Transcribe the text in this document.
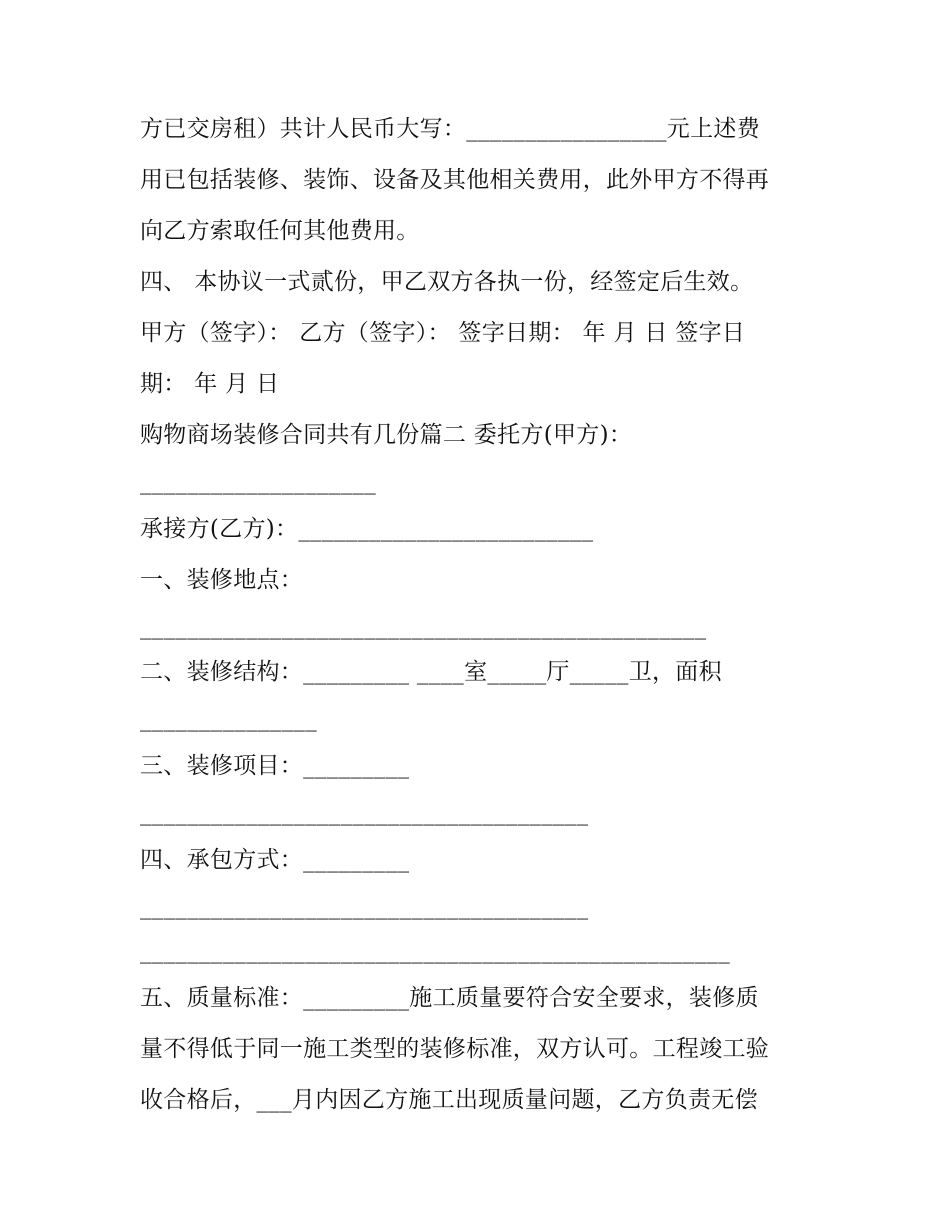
方已交房租）共计人民币大写：_________________元上述费
用已包括装修、装饰、设备及其他相关费用，此外甲方不得再
向乙方索取任何其他费用。
四、 本协议一式贰份，甲乙双方各执一份，经签定后生效。
甲方（签字）： 乙方（签字）： 签字日期： 年 月 日 签字日
期： 年 月 日
购物商场装修合同共有几份篇二 委托方(甲方)：
____________________
承接方(乙方)：_________________________
一、装修地点：
________________________________________________
二、装修结构：_________ ____室_____厅_____卫，面积
_______________
三、装修项目：_________
______________________________________
四、承包方式：_________
______________________________________
__________________________________________________
五、质量标准：_________施工质量要符合安全要求，装修质
量不得低于同一施工类型的装修标准，双方认可。工程竣工验
收合格后，___月内因乙方施工出现质量问题，乙方负责无偿
